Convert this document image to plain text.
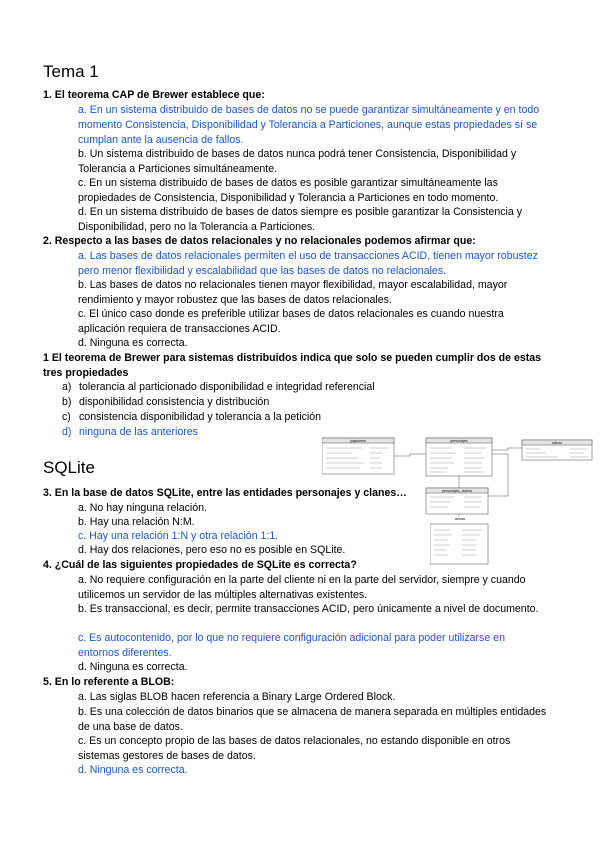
Tema 1
1. El teorema CAP de Brewer establece que:
a. En un sistema distribuido de bases de datos no se puede garantizar simultáneamente y en todo momento Consistencia, Disponibilidad y Tolerancia a Particiones, aunque estas propiedades sí se cumplan ante la ausencia de fallos.
b. Un sistema distribuido de bases de datos nunca podrá tener Consistencia, Disponibilidad y Tolerancia a Particiones simultáneamente.
c. En un sistema distribuido de bases de datos es posible garantizar simultáneamente las propiedades de Consistencia, Disponibilidad y Tolerancia a Particiones en todo momento.
d. En un sistema distribuido de bases de datos siempre es posible garantizar la Consistencia y Disponibilidad, pero no la Tolerancia a Particiones.
2. Respecto a las bases de datos relacionales y no relacionales podemos afirmar que:
a. Las bases de datos relacionales permiten el uso de transacciones ACID, tienen mayor robustez pero menor flexibilidad y escalabilidad que las bases de datos no relacionales.
b. Las bases de datos no relacionales tienen mayor flexibilidad, mayor escalabilidad, mayor rendimiento y mayor robustez que las bases de datos relacionales.
c. El único caso donde es preferible utilizar bases de datos relacionales es cuando nuestra aplicación requiera de transacciones ACID.
d. Ninguna es correcta.
1 El teorema de Brewer para sistemas distribuidos indica que solo se pueden cumplir dos de estas tres propiedades
a) tolerancia al particionado disponibilidad e integridad referencial
b) disponibilidad consistencia y distribución
c) consistencia disponibilidad y tolerancia a la petición
d) ninguna de las anteriores
SQLite
jugadores	personajes	clanes
personajes_clanes
armas
3. En la base de datos SQLite, entre las entidades personajes y clanes…
a. No hay ninguna relación.
b. Hay una relación N:M.
c. Hay una relación 1:N y otra relación 1:1.
d. Hay dos relaciones, pero eso no es posible en SQLite.
4. ¿Cuál de las siguientes propiedades de SQLite es correcta?
a. No requiere configuración en la parte del cliente ni en la parte del servidor, siempre y cuando utilicemos un servidor de las múltiples alternativas existentes.
b. Es transaccional, es decir, permite transacciones ACID, pero únicamente a nivel de documento.
c. Es autocontenido, por lo que no requiere configuración adicional para poder utilizarse en entornos diferentes.
d. Ninguna es correcta.
5. En lo referente a BLOB:
a. Las siglas BLOB hacen referencia a Binary Large Ordered Block.
b. Es una colección de datos binarios que se almacena de manera separada en múltiples entidades de una base de datos.
c. Es un concepto propio de las bases de datos relacionales, no estando disponible en otros sistemas gestores de bases de datos.
d. Ninguna es correcta.
